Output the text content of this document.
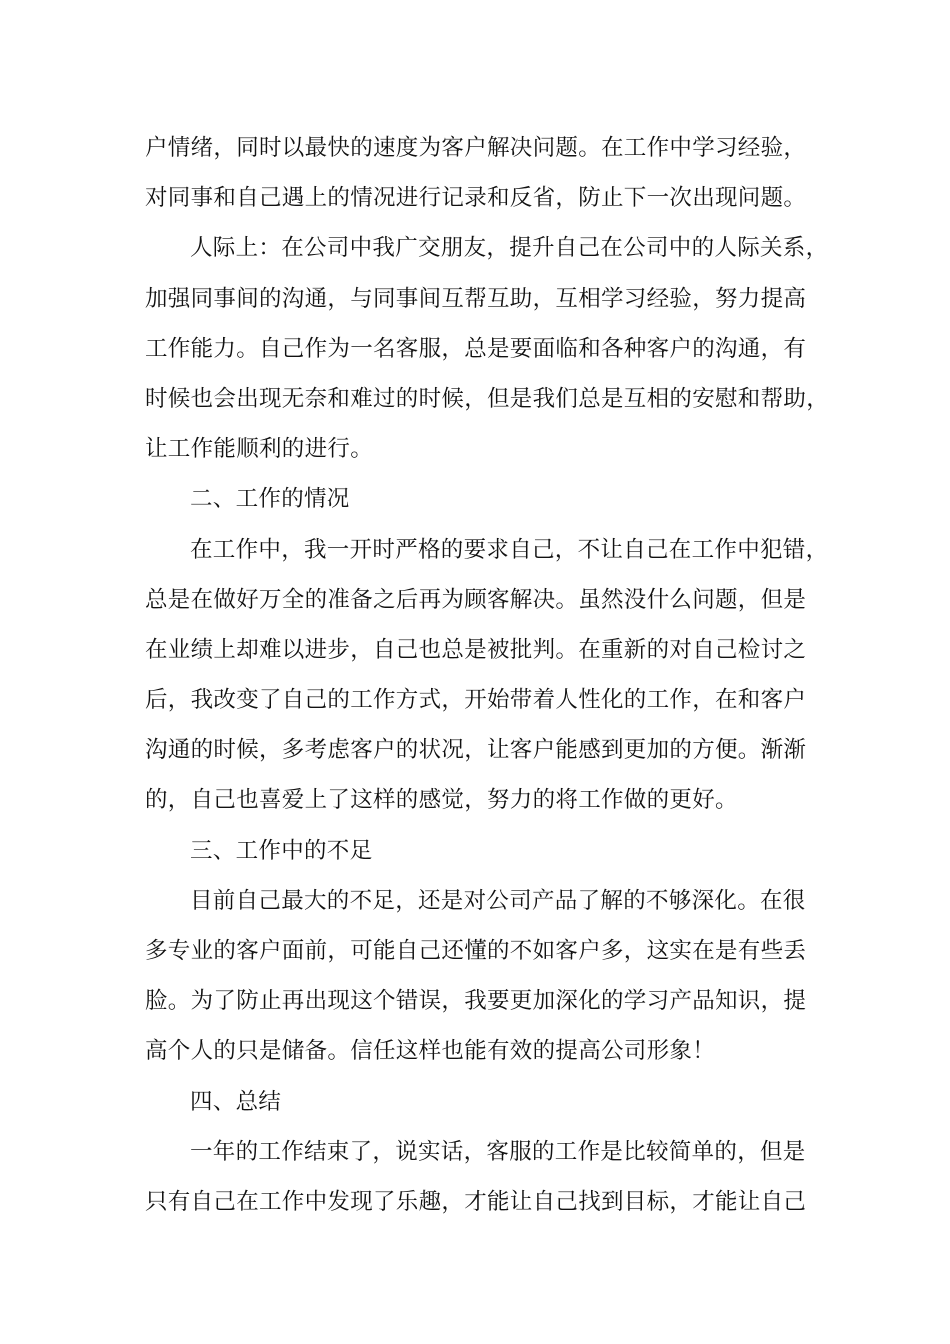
户情绪，同时以最快的速度为客户解决问题。在工作中学习经验，
对同事和自己遇上的情况进行记录和反省，防止下一次出现问题。
人际上：在公司中我广交朋友，提升自己在公司中的人际关系，
加强同事间的沟通，与同事间互帮互助，互相学习经验，努力提高
工作能力。自己作为一名客服，总是要面临和各种客户的沟通，有
时候也会出现无奈和难过的时候，但是我们总是互相的安慰和帮助，
让工作能顺利的进行。
二、工作的情况
在工作中，我一开时严格的要求自己，不让自己在工作中犯错，
总是在做好万全的准备之后再为顾客解决。虽然没什么问题，但是
在业绩上却难以进步，自己也总是被批判。在重新的对自己检讨之
后，我改变了自己的工作方式，开始带着人性化的工作，在和客户
沟通的时候，多考虑客户的状况，让客户能感到更加的方便。渐渐
的，自己也喜爱上了这样的感觉，努力的将工作做的更好。
三、工作中的不足
目前自己最大的不足，还是对公司产品了解的不够深化。在很
多专业的客户面前，可能自己还懂的不如客户多，这实在是有些丢
脸。为了防止再出现这个错误，我要更加深化的学习产品知识，提
高个人的只是储备。信任这样也能有效的提高公司形象！
四、总结
一年的工作结束了，说实话，客服的工作是比较简单的，但是
只有自己在工作中发现了乐趣，才能让自己找到目标，才能让自己
